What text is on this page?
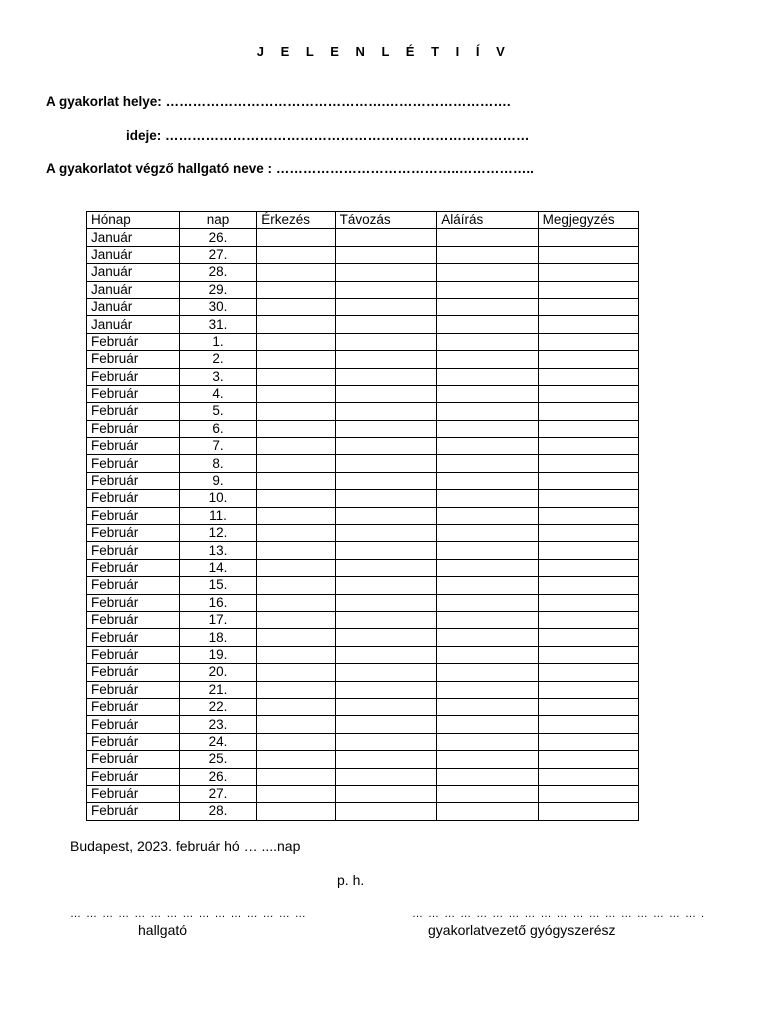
J E L E N L É T I Í V
A gyakorlat helye: ………………………………………….……………………….
ideje: ………………………………………………………………………
A gyakorlatot végző hallgató neve : …………………………………..……………..
Hónap	nap	Érkezés	Távozás	Aláírás	Megjegyzés
Január	26.				
Január	27.				
Január	28.				
Január	29.				
Január	30.				
Január	31.				
Február	1.				
Február	2.				
Február	3.				
Február	4.				
Február	5.				
Február	6.				
Február	7.				
Február	8.				
Február	9.				
Február	10.				
Február	11.				
Február	12.				
Február	13.				
Február	14.				
Február	15.				
Február	16.				
Február	17.				
Február	18.				
Február	19.				
Február	20.				
Február	21.				
Február	22.				
Február	23.				
Február	24.				
Február	25.				
Február	26.				
Február	27.				
Február	28.				
Budapest, 2023. február hó … ....nap
p. h.
… … … … … … … … … … … … … … …	… … … … … … … … … … … … … … … … … … .
hallgató	gyakorlatvezető gyógyszerész
